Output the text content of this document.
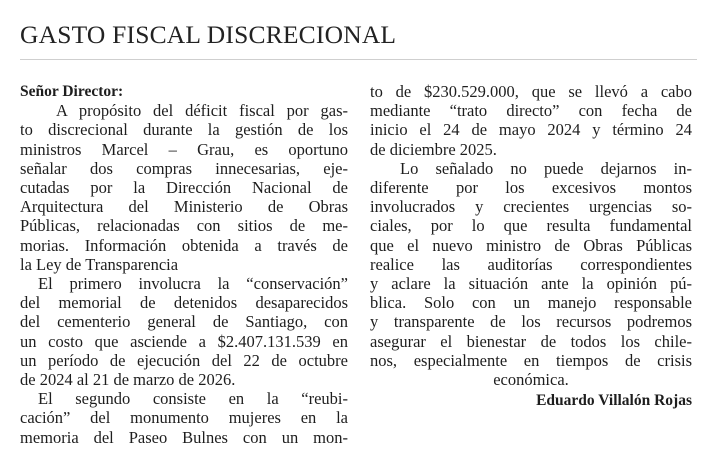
GASTO FISCAL DISCRECIONAL
Señor Director:
A propósito del déficit fiscal por gas-
to discrecional durante la gestión de los
ministros Marcel – Grau, es oportuno
señalar dos compras innecesarias, eje-
cutadas por la Dirección Nacional de
Arquitectura del Ministerio de Obras
Públicas, relacionadas con sitios de me-
morias. Información obtenida a través de
la Ley de Transparencia
El primero involucra la “conservación”
del memorial de detenidos desaparecidos
del cementerio general de Santiago, con
un costo que asciende a $2.407.131.539 en
un período de ejecución del 22 de octubre
de 2024 al 21 de marzo de 2026.
El segundo consiste en la “reubi-
cación” del monumento mujeres en la
memoria del Paseo Bulnes con un mon-
to de $230.529.000, que se llevó a cabo
mediante “trato directo” con fecha de
inicio el 24 de mayo 2024 y término 24
de diciembre 2025.
Lo señalado no puede dejarnos in-
diferente por los excesivos montos
involucrados y crecientes urgencias so-
ciales, por lo que resulta fundamental
que el nuevo ministro de Obras Públicas
realice las auditorías correspondientes
y aclare la situación ante la opinión pú-
blica. Solo con un manejo responsable
y transparente de los recursos podremos
asegurar el bienestar de todos los chile-
nos, especialmente en tiempos de crisis
económica.
Eduardo Villalón Rojas
